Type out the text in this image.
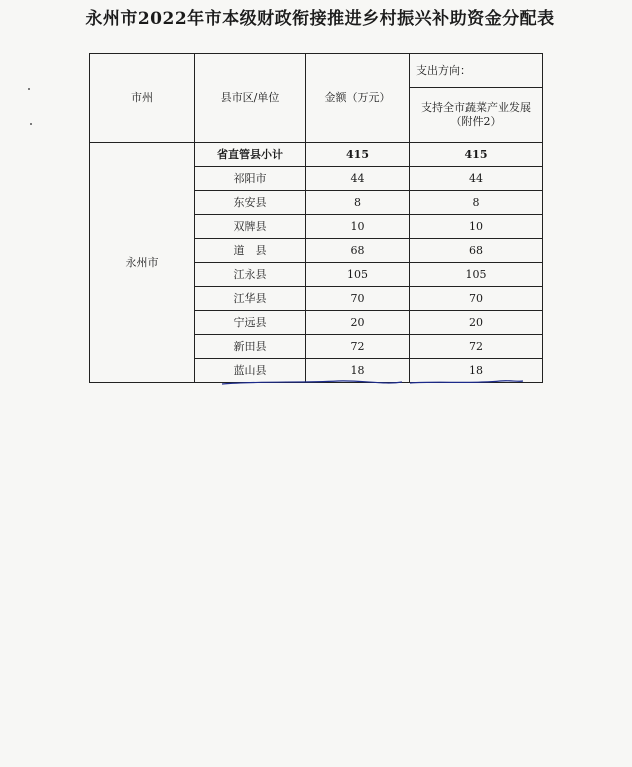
永州市2022年市本级财政衔接推进乡村振兴补助资金分配表
市州	县市区/单位	金额（万元）	支出方向：
			支持全市蔬菜产业发展
（附件2）
永州市	省直管县小计	415	415
	祁阳市	44	44
	东安县	8	8
	双牌县	10	10
	道　县	68	68
	江永县	105	105
	江华县	70	70
	宁远县	20	20
	新田县	72	72
	蓝山县	18	18
